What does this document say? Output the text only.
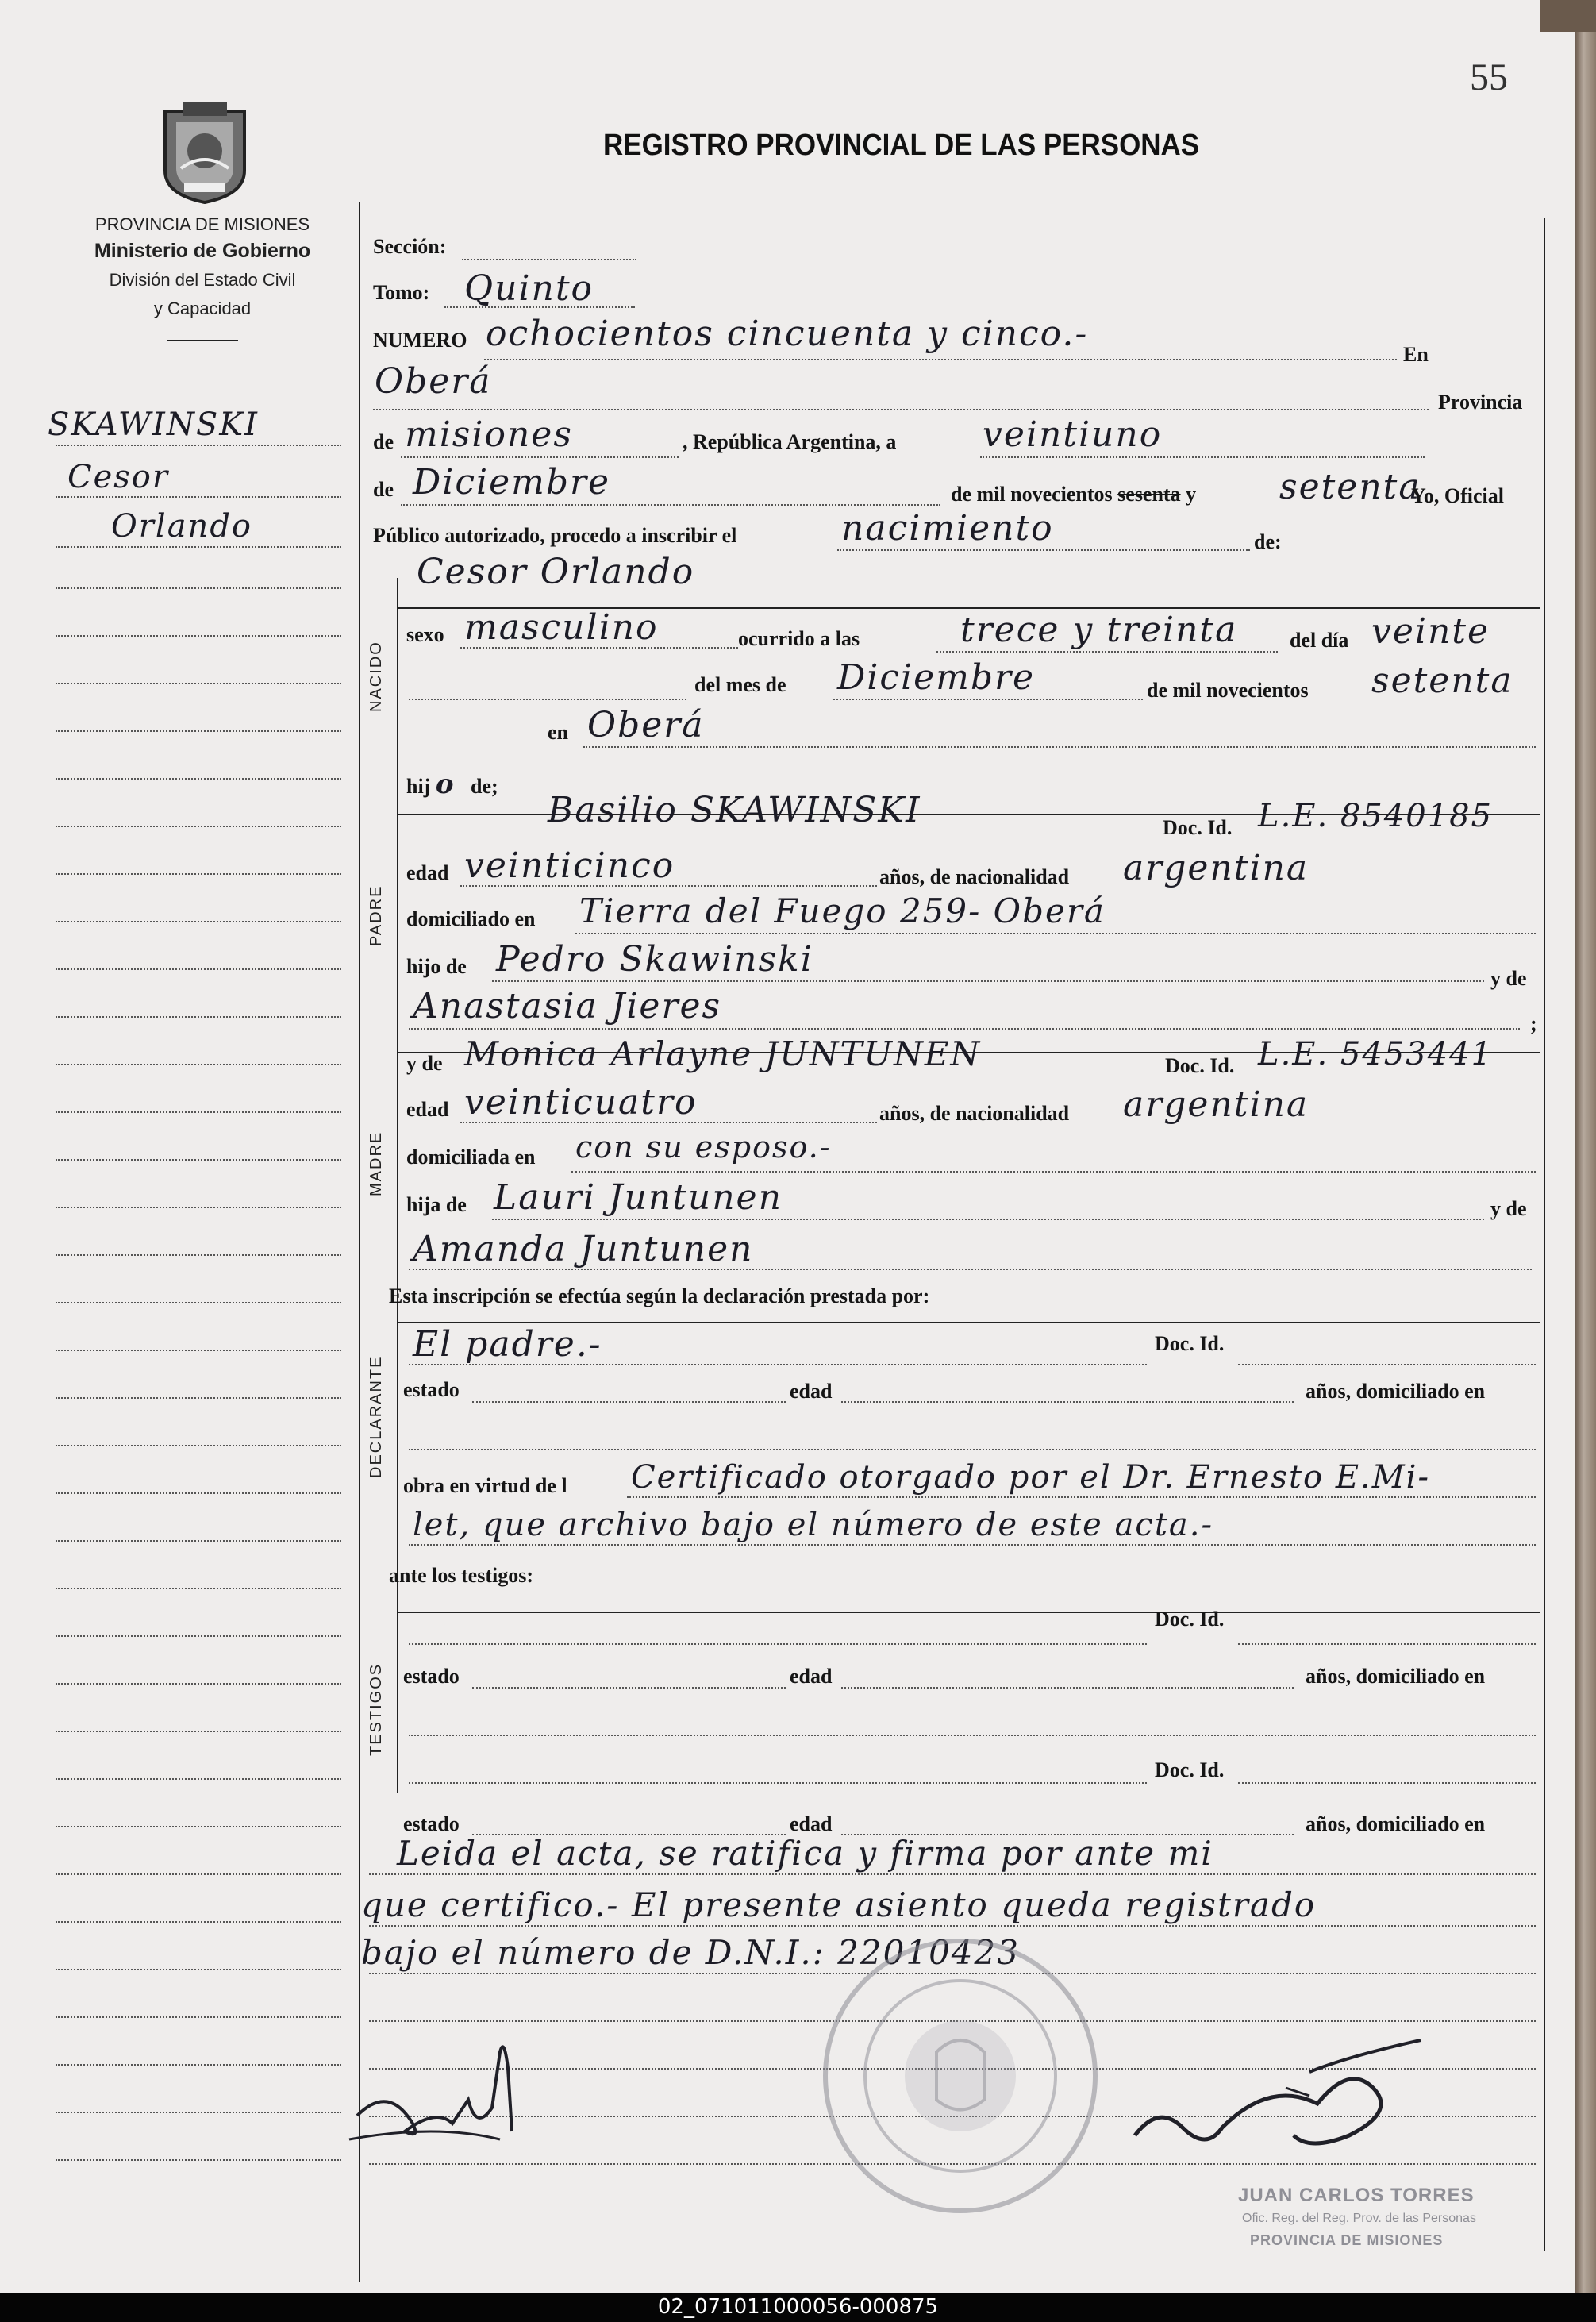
55
PROVINCIA DE MISIONES
Ministerio de Gobierno
División del Estado Civil
y Capacidad
REGISTRO PROVINCIAL DE LAS PERSONAS
SKAWINSKI
Cesor
Orlando
NACIDO
PADRE
MADRE
DECLARANTE
TESTIGOS
Sección:
Tomo: Quinto
NUMERO ochocientos cincuenta y cinco.-
En
Oberá
Provincia
de misiones	, República Argentina, a veintiuno
de Diciembre	de mil novecientos sesenta y setenta
Yo, Oficial
Público autorizado, procedo a inscribir el	nacimiento	de:
Cesor Orlando
sexo masculino	ocurrido a las	trece y treinta	del día veinte
del mes de Diciembre	de mil novecientos setenta
en Oberá
hij o de;
Basilio SKAWINSKI	Doc. Id. L.E. 8540185
edad veinticinco	años, de nacionalidad argentina
domiciliado en Tierra del Fuego 259- Oberá
hijo de Pedro Skawinski	y de
Anastasia Jieres	;
y de Monica Arlayne JUNTUNEN	Doc. Id. L.E. 5453441
edad veinticuatro	años, de nacionalidad argentina
domiciliada en con su esposo.-
hija de Lauri Juntunen	y de
Amanda Juntunen
Esta inscripción se efectúa según la declaración prestada por:
El padre.-	Doc. Id.
estado	edad	años, domiciliado en
obra en virtud de l Certificado otorgado por el Dr. Ernesto E.Mi-
let, que archivo bajo el número de este acta.-
ante los testigos:
Doc. Id.
estado	edad	años, domiciliado en
Doc. Id.
estado	edad	años, domiciliado en
Leida el acta, se ratifica y firma por ante mi
que certifico.- El presente asiento queda registrado
bajo el número de D.N.I.: 22010423
JUAN CARLOS TORRES
Ofic. Reg. del Reg. Prov. de las Personas
PROVINCIA DE MISIONES
02_071011000056-000875
